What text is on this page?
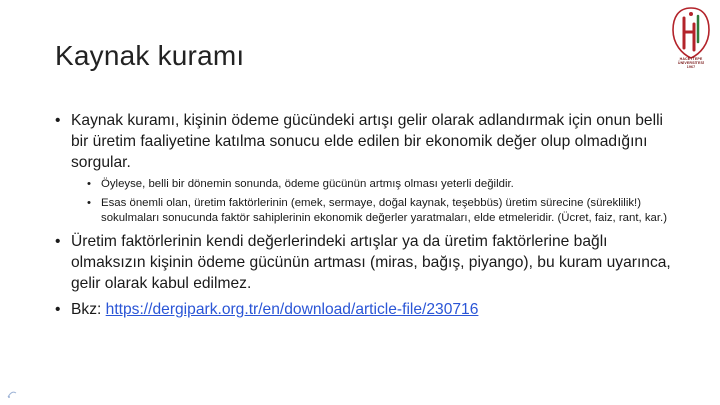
Kaynak kuramı	HACETTEPE
ÜNİVERSİTESİ
1967
• Kaynak kuramı, kişinin ödeme gücündeki artışı gelir olarak adlandırmak için onun belli bir üretim faaliyetine katılma sonucu elde edilen bir ekonomik değer olup olmadığını sorgular.
• Öyleyse, belli bir dönemin sonunda, ödeme gücünün artmış olması yeterli değildir.
• Esas önemli olan, üretim faktörlerinin (emek, sermaye, doğal kaynak, teşebbüs) üretim sürecine (süreklilik!) sokulmaları sonucunda faktör sahiplerinin ekonomik değerler yaratmaları, elde etmeleridir. (Ücret, faiz, rant, kar.)
• Üretim faktörlerinin kendi değerlerindeki artışlar ya da üretim faktörlerine bağlı olmaksızın kişinin ödeme gücünün artması (miras, bağış, piyango), bu kuram uyarınca, gelir olarak kabul edilmez.
• Bkz: https://dergipark.org.tr/en/download/article-file/230716
